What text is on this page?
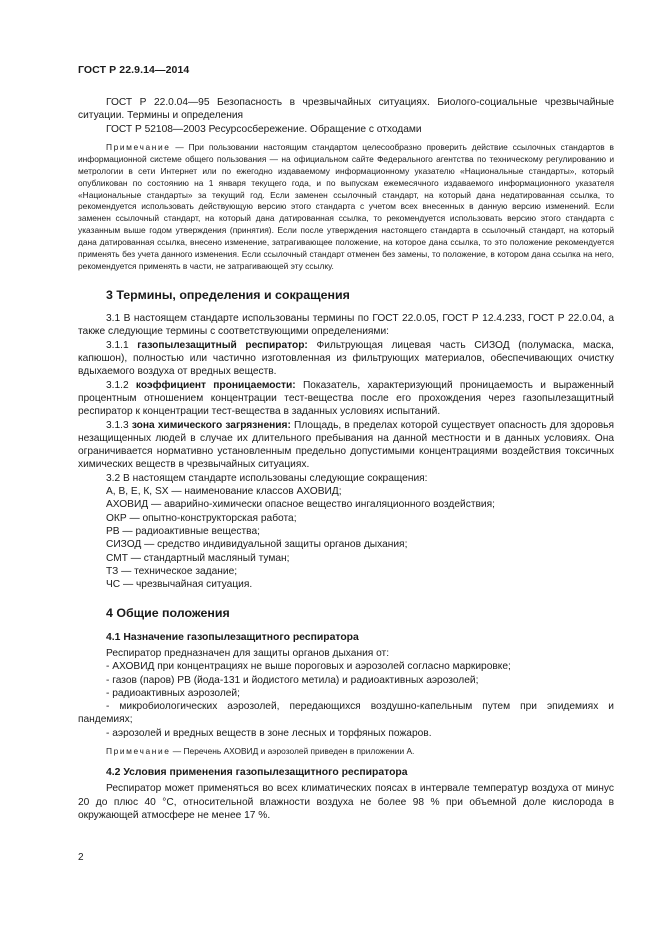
ГОСТ Р 22.9.14—2014

ГОСТ Р 22.0.04—95 Безопасность в чрезвычайных ситуациях. Биолого-социальные чрезвычайные ситуации. Термины и определения

ГОСТ Р 52108—2003 Ресурсосбережение. Обращение с отходами

Примечание — При пользовании настоящим стандартом целесообразно проверить действие ссылочных стандартов в информационной системе общего пользования — на официальном сайте Федерального агентства по техническому регулированию и метрологии в сети Интернет или по ежегодно издаваемому информационному указателю «Национальные стандарты», который опубликован по состоянию на 1 января текущего года, и по выпускам ежемесячного издаваемого информационного указателя «Национальные стандарты» за текущий год. Если заменен ссылочный стандарт, на который дана недатированная ссылка, то рекомендуется использовать действующую версию этого стандарта с учетом всех внесенных в данную версию изменений. Если заменен ссылочный стандарт, на который дана датированная ссылка, то рекомендуется использовать версию этого стандарта с указанным выше годом утверждения (принятия). Если после утверждения настоящего стандарта в ссылочный стандарт, на который дана датированная ссылка, внесено изменение, затрагивающее положение, на которое дана ссылка, то это положение рекомендуется применять без учета данного изменения. Если ссылочный стандарт отменен без замены, то положение, в котором дана ссылка на него, рекомендуется применять в части, не затрагивающей эту ссылку.

3 Термины, определения и сокращения

3.1 В настоящем стандарте использованы термины по ГОСТ 22.0.05, ГОСТ Р 12.4.233, ГОСТ Р 22.0.04, а также следующие термины с соответствующими определениями:

3.1.1 газопылезащитный респиратор: Фильтрующая лицевая часть СИЗОД (полумаска, маска, капюшон), полностью или частично изготовленная из фильтрующих материалов, обеспечивающих очистку вдыхаемого воздуха от вредных веществ.

3.1.2 коэффициент проницаемости: Показатель, характеризующий проницаемость и выраженный процентным отношением концентрации тест-вещества после его прохождения через газопылезащитный респиратор к концентрации тест-вещества в заданных условиях испытаний.

3.1.3 зона химического загрязнения: Площадь, в пределах которой существует опасность для здоровья незащищенных людей в случае их длительного пребывания на данной местности и в данных условиях. Она ограничивается нормативно установленным предельно допустимыми концентрациями воздействия токсичных химических веществ в чрезвычайных ситуациях.

3.2 В настоящем стандарте использованы следующие сокращения:

А, В, Е, К, SX — наименование классов АХОВИД;

АХОВИД — аварийно-химически опасное вещество ингаляционного воздействия;

ОКР — опытно-конструкторская работа;

РВ — радиоактивные вещества;

СИЗОД — средство индивидуальной защиты органов дыхания;

СМТ — стандартный масляный туман;

ТЗ — техническое задание;

ЧС — чрезвычайная ситуация.

4 Общие положения
4.1 Назначение газопылезащитного респиратора

Респиратор предназначен для защиты органов дыхания от:

- АХОВИД при концентрациях не выше пороговых и аэрозолей согласно маркировке;

- газов (паров) РВ (йода-131 и йодистого метила) и радиоактивных аэрозолей;

- радиоактивных аэрозолей;

- микробиологических аэрозолей, передающихся воздушно-капельным путем при эпидемиях и пандемиях;

- аэрозолей и вредных веществ в зоне лесных и торфяных пожаров.

Примечание — Перечень АХОВИД и аэрозолей приведен в приложении А.

4.2 Условия применения газопылезащитного респиратора

Респиратор может применяться во всех климатических поясах в интервале температур воздуха от минус 20 до плюс 40 °С, относительной влажности воздуха не более 98 % при объемной доле кислорода в окружающей атмосфере не менее 17 %.

2
